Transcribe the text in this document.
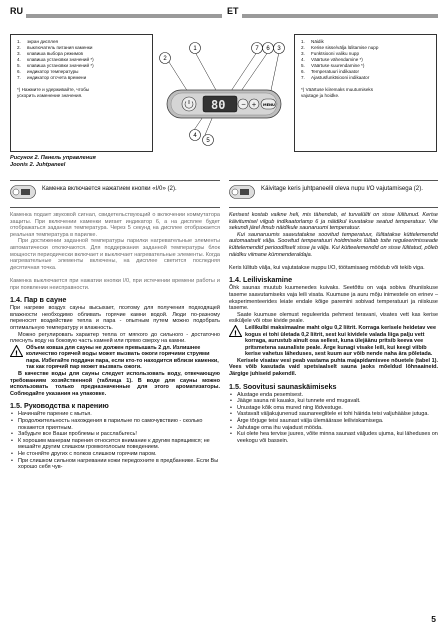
RU	ET
1.	экран дисплея
2.	выключатель питания каменки
3.	клавиша выбора режимов
4.	клавиша установки значений *)
5.	клавиша установки значений *)
6.	индикатор температуры
7.	индикатор отсчета времени
*) Нажмите и удерживайте, чтобы
ускорить изменение значения.
1.	Näidik
2.	Kerise sisse/välja lülitamise nupp
3.	Funktsiooni valiku nupp
4.	Väärtuse vähendamine *)
5.	Väärtuse suurendamine *)
6.	Temperatuuri indikaator
7.	Ajastusfunktsiooni indikaator
*) Väärtuse kiiremaks muutumiseks
vajutage ja hoidke.
80	− + MENU
1
2
3
4
5
6
7
Рисунок 2. Панель управления
Joonis 2. Juhtpaneel
Каменка включается нажатием кнопки «I/0» (2).

Каменка подает звуковой сигнал, свидетельствующий о включении коммутатора защиты. При включении каменки мигает индикатор 6, а на дисплее будет отображаться заданная температура. Через 5 секунд на дисплее отображается реальная температура в парилке.

При достижении заданной температуры парилки нагревательные элементы автоматически отключаются. Для поддержания заданной температуры блок мощности периодически включает и выключает нагревательные элементы. Когда нагревательные элементы включены, на дисплее светится последняя десятичная точка.

Каменка выключается при нажатии кнопки I/0, при истечении времени работы и при появлении неисправности.

1.4. Пар в сауне

При нагреве воздух сауны высыхает, поэтому для получения подходящей влажности необходимо обливать горячие камни водой. Люди по-разному переносят воздействие тепла и пара - опытным путем можно подобрать оптимальную температуру и влажность.

Можно регулировать характер тепла от мягкого до сильного - достаточно плеснуть воду на боковую часть камней или прямо сверху на камни.

!
Объем ковша для сауны не должен превышать 2 дл. Излишнее количество горячей воды может вызвать ожоги горячими струями пара. Избегайте поддачи пара, если кто-то находится вблизи каменки, так как горячий пар может вызвать ожоги.

В качестве воды для сауны следует использовать воду, отвечающую требованиям хозяйственной (таблица 1). В воде для сауны можно использовать только предназначенные для этого ароматизаторы. Соблюдайте указания на упаковке.

1.5. Руководства к парению
• Начинайте парение с мытья.
• Продолжительность нахождения в парильне по самочувствию - сколько покажется приятным.
• Забудьте все Ваши проблемы и расслабьтесь!
• К хорошим манерам парения относится внимание к другим парящимся; не мешайте другим слишком громкоголосым поведением.
• Не стоняйте других с полков слишком горячим паром.
• При слишком сильном нагревании кожи передохните в предбаннике. Если Вы хорошо себя чув-
Käivitage keris juhtpaneelil oleva nupu I/O vajutamisega (2).

Kerisest kostab vaikne heli, mis tähendab, et turvalüliti on sisse lülitunud. Kerise käivitumisel vilgub indikaatorlamp 6 ja näidikul kuvatakse seatud temperatuur. Viie sekundi järel ilmub näidikule saunaruumi temperatuur.

Kui saunaruumis saavutatakse soovitud temperatuur, lülitatakse küttelemendid automaatselt välja. Soovitud temperatuuri hoidmiseks lülitab toite reguleerimisseade küttelemendid perioodiliselt sisse ja välja. Kui kütteelemendid on sisse lülitatud, põleb näidiku viimane kümnenderaldaja.

Keris lülitub välja, kui vajutatakse nuppu I/O, töötamisaeg möödub või tekib viga.

1.4. Leiliviskamine

Õhk saunas muutub kuumenedes kuivaks. Seetõttu on vaja sobiva õhuniiskuse taseme saavutamiseks vaja leili visata. Kuumuse ja auru mõju inimestele on erinev – eksperimenteerides leiate endale kõige paremini sobivad temperatuuri ja niiskuse taseme.

Saate kuumuse olemust reguleerida pehmest teravani, visates vett kas kerise esiküljele või otse kivide peale.

!
Leilikulbi maksimaalne maht olgu 0,2 liitrit. Korraga kerisele heidetav vee kogus ei tohi ületada 0,2 liitrit, sest kui kividele valada liiga palju vett korraga, aurustub ainult osa sellest, kuna ülejäänu pritsib keeva vee pritsmetena saunaliste peale. Ärge kunagi visake leili, kui keegi viibib kerise vahetus läheduses, sest kuum aur võib nende naha ära põletada.

Kerisele visatav vesi peab vastama puhta majapidamisvee nõuetele (tabel 1). Vees võib kasutada vaid spetsiaalselt sauna jaoks mõeldud lõhnaaineid. Järgige juhiseid pakendil.

1.5. Soovitusi saunaskäimiseks
• Alustage enda pesemisest.
• Jääge sauna nii kauaks, kui tunnete end mugavalt.
• Unustage kõik oma mured ning lõdvestuge.
• Vastavalt väljakujunenud saunareeglitele ei tohi häirida teisi valjuhäälse jutuga.
• Ärge tõrjuge teisi saunast välja ülemäärase leiliviskamisega.
• Jahutage oma ihu vajadust mööda.
• Kui olete hea tervise juures, võite minna saunast väljudes ujuma, kui läheduses on veekogu või bassein.
5
